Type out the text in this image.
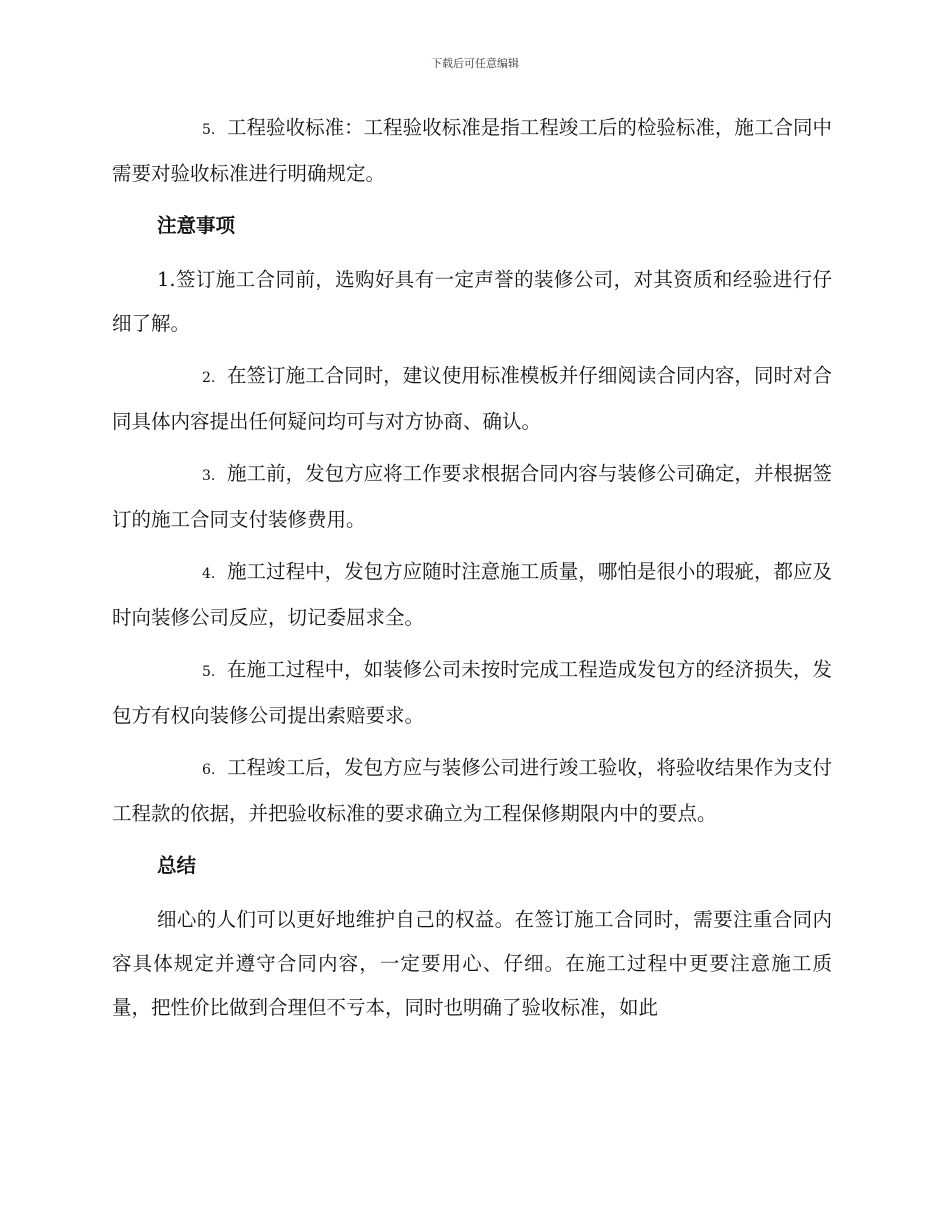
下载后可任意编辑

5. 工程验收标准：工程验收标准是指工程竣工后的检验标准，施工合同中需要对验收标准进行明确规定。

注意事项

1.签订施工合同前，选购好具有一定声誉的装修公司，对其资质和经验进行仔细了解。

2. 在签订施工合同时，建议使用标准模板并仔细阅读合同内容，同时对合同具体内容提出任何疑问均可与对方协商、确认。

3. 施工前，发包方应将工作要求根据合同内容与装修公司确定，并根据签订的施工合同支付装修费用。

4. 施工过程中，发包方应随时注意施工质量，哪怕是很小的瑕疵，都应及时向装修公司反应，切记委屈求全。

5. 在施工过程中，如装修公司未按时完成工程造成发包方的经济损失，发包方有权向装修公司提出索赔要求。

6. 工程竣工后，发包方应与装修公司进行竣工验收，将验收结果作为支付工程款的依据，并把验收标准的要求确立为工程保修期限内中的要点。

总结

细心的人们可以更好地维护自己的权益。在签订施工合同时，需要注重合同内容具体规定并遵守合同内容，一定要用心、仔细。在施工过程中更要注意施工质量，把性价比做到合理但不亏本，同时也明确了验收标准，如此
